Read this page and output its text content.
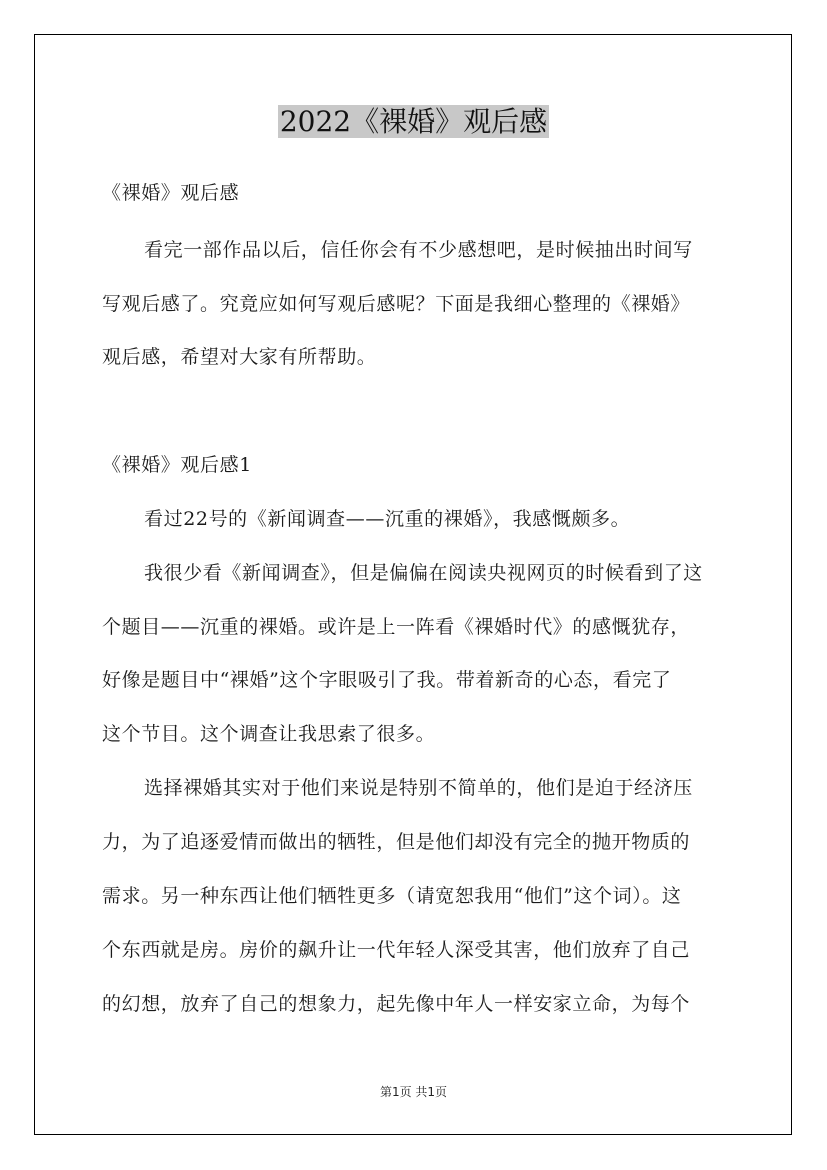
2022《裸婚》观后感
《裸婚》观后感
看完一部作品以后，信任你会有不少感想吧，是时候抽出时间写
写观后感了。究竟应如何写观后感呢？下面是我细心整理的《裸婚》
观后感，希望对大家有所帮助。
《裸婚》观后感1
看过22号的《新闻调查——沉重的裸婚》，我感慨颇多。
我很少看《新闻调查》，但是偏偏在阅读央视网页的时候看到了这
个题目——沉重的裸婚。或许是上一阵看《裸婚时代》的感慨犹存，
好像是题目中“裸婚”这个字眼吸引了我。带着新奇的心态，看完了
这个节目。这个调查让我思索了很多。
选择裸婚其实对于他们来说是特别不简单的，他们是迫于经济压
力，为了追逐爱情而做出的牺牲，但是他们却没有完全的抛开物质的
需求。另一种东西让他们牺牲更多（请宽恕我用“他们”这个词）。这
个东西就是房。房价的飙升让一代年轻人深受其害，他们放弃了自己
的幻想，放弃了自己的想象力，起先像中年人一样安家立命，为每个
第1页 共1页
